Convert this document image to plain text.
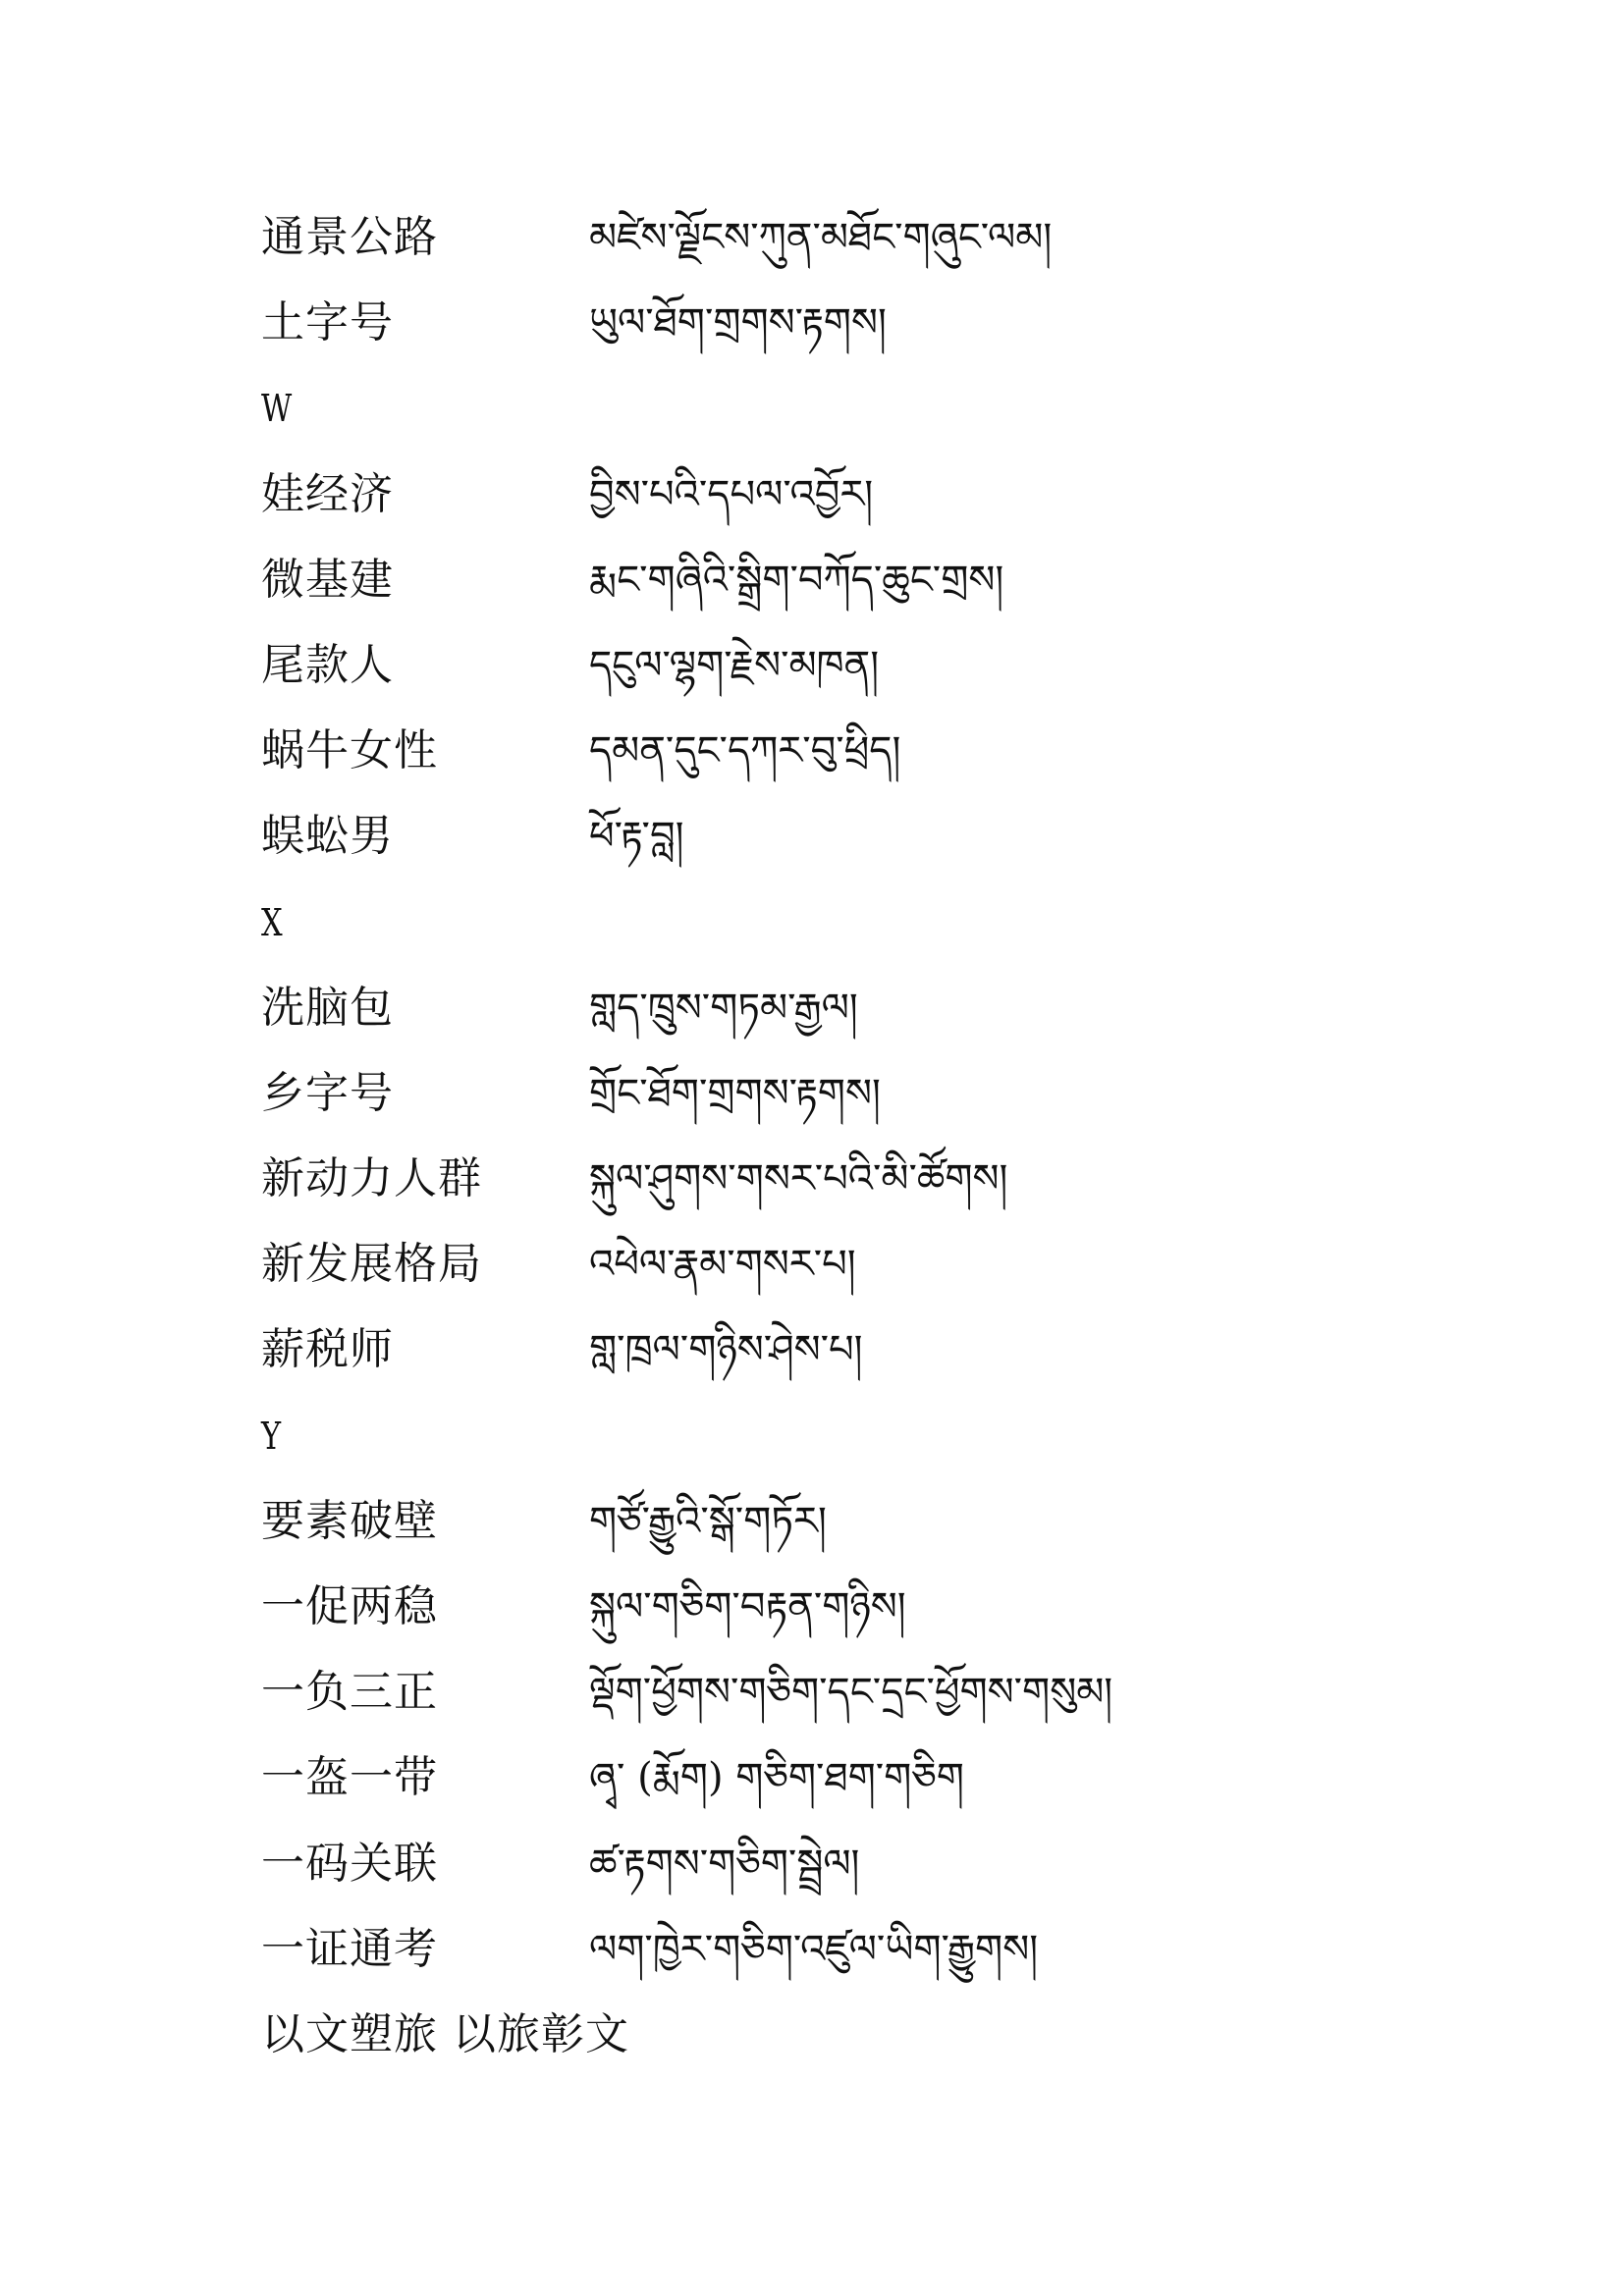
通景公路	མཛེས་ལྗོངས་ཀུན་མཐོང་གཞུང་ལམ།
土字号	ཡུལ་ཐོག་གྲགས་རྟགས།
W
娃经济	བྱིས་པའི་དཔལ་འབྱོར།
微基建	རྨང་གཞིའི་སྒྲིག་བཀོད་ཆུང་གྲས།
尾款人	དངུལ་ལྷག་རྗེས་མཁན།
蜗牛女性	དམན་དུང་དཀར་བུ་ཕྲིད།
蜈蚣男	ཕོ་རྟ་བླ།
X
洗脑包	གླད་ཁྲུས་གཏམ་རྒྱལ།
乡字号	གྲོང་ཐོག་གྲགས་རྟགས།
新动力人群	སྐུལ་ཤུགས་གསར་པའི་མི་ཚོགས།
新发展格局	འཕེལ་རྣམ་གསར་པ།
薪税师	གླ་ཁྲལ་གཉིས་ཤེས་པ།
Y
要素破壁	གཙོ་རྒྱུའི་སྒོ་གཏོར།
一促两稳	སྐུལ་གཅིག་བརྟན་གཉིས།
一负三正	ལྡོག་ཕྱོགས་གཅིག་དང་དྲང་ཕྱོགས་གསུམ།
一盔一带	ཞྭ་ (རྨོག) གཅིག་ཐག་གཅིག
一码关联	ཚ་རྟགས་གཅིག་སྦྲེལ།
一证通考	ལག་ཁྱེར་གཅིག་འཛུལ་ཡིག་རྒྱུགས།
以文塑旅 以旅彰文
